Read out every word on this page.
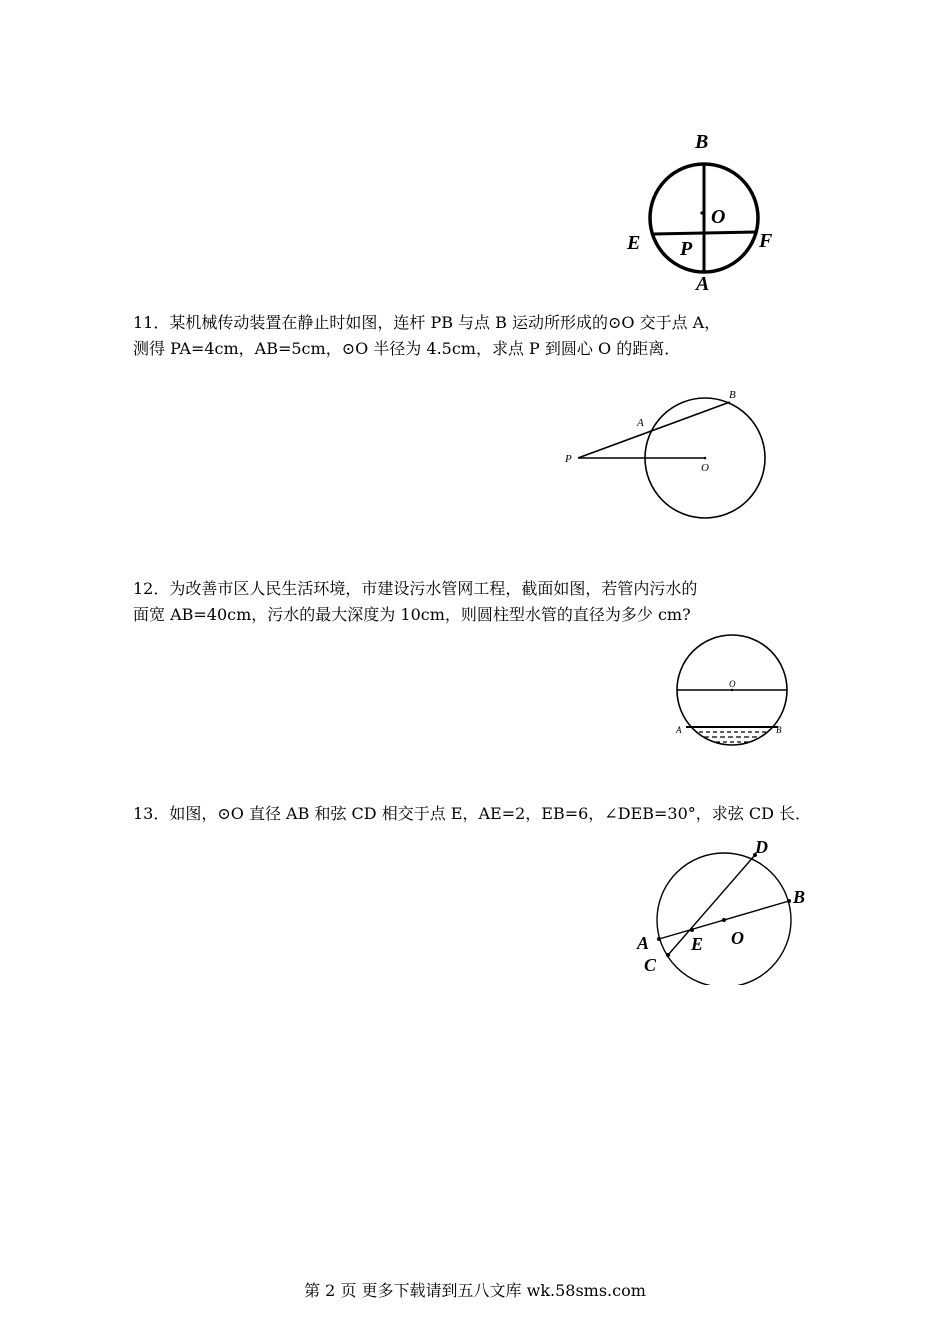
B
O
E P	F
A

11．某机械传动装置在静止时如图，连杆 PB 与点 B 运动所形成的⊙O 交于点 A，

测得 PA=4cm，AB=5cm，⊙O 半径为 4.5cm，求点 P 到圆心 O 的距离．

B
A
P
O

12．为改善市区人民生活环境，市建设污水管网工程，截面如图，若管内污水的

面宽 AB=40cm，污水的最大深度为 10cm，则圆柱型水管的直径为多少 cm?

O
A	B

13．如图，⊙O 直径 AB 和弦 CD 相交于点 E，AE=2，EB=6，∠DEB=30°，求弦 CD 长．

D
B
A E O
C
第 2 页 更多下载请到五八文库 wk.58sms.com
